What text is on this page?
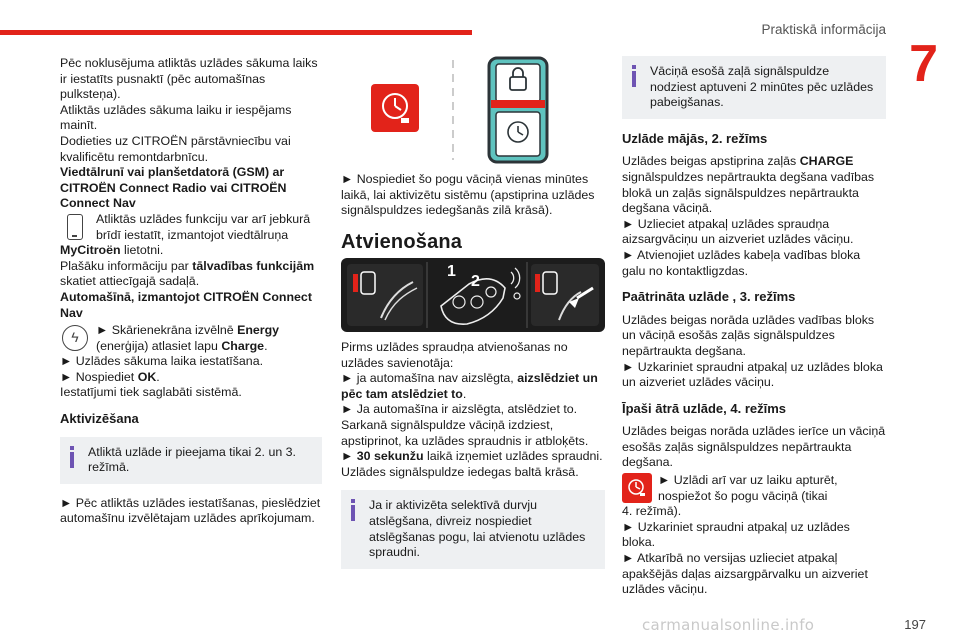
Praktiskā informācija
7

Pēc noklusējuma atliktās uzlādes sākuma laiks ir iestatīts pusnaktī (pēc automašīnas pulksteņa).

Atliktās uzlādes sākuma laiku ir iespējams mainīt.

Dodieties uz CITROËN pārstāvniecību vai kvalificētu remontdarbnīcu.

Viedtālrunī vai planšetdatorā (GSM) ar CITROËN Connect Radio vai CITROËN Connect Nav

Atliktās uzlādes funkciju var arī jebkurā brīdī iestatīt, izmantojot viedtālruņa

MyCitroën lietotni.

Plašāku informāciju par tālvadības funkcijām skatiet attiecīgajā sadaļā.

Automašīnā, izmantojot CITROËN Connect Nav

ϟ	► Skārienekrāna izvēlnē Energy (enerģija) atlasiet lapu Charge.

► Uzlādes sākuma laika iestatīšana.

► Nospiediet OK.

Iestatījumi tiek saglabāti sistēmā.

Aktivizēšana

Atliktā uzlāde ir pieejama tikai 2. un 3. režīmā.

► Pēc atliktās uzlādes iestatīšanas, pieslēdziet automašīnu izvēlētajam uzlādes aprīkojumam.

► Nospiediet šo pogu vāciņā vienas minūtes laikā, lai aktivizētu sistēmu (apstiprina uzlādes signālspuldzes iedegšanās zilā krāsā).

Atvienošana
1
2

Pirms uzlādes spraudņa atvienošanas no uzlādes savienotāja:

► ja automašīna nav aizslēgta, aizslēdziet un pēc tam atslēdziet to.

► Ja automašīna ir aizslēgta, atslēdziet to.

Sarkanā signālspuldze vāciņā izdziest, apstiprinot, ka uzlādes spraudnis ir atbloķēts.

► 30 sekunžu laikā izņemiet uzlādes spraudni.

Uzlādes signālspuldze iedegas baltā krāsā.

Ja ir aktivizēta selektīvā durvju atslēgšana, divreiz nospiediet atslēgšanas pogu, lai atvienotu uzlādes spraudni.

Vāciņā esošā zaļā signālspuldze nodziest aptuveni 2 minūtes pēc uzlādes pabeigšanas.

Uzlāde mājās, 2. režīms

Uzlādes beigas apstiprina zaļās CHARGE signālspuldzes nepārtraukta degšana vadības blokā un zaļās signālspuldzes nepārtraukta degšana vāciņā.

► Uzlieciet atpakaļ uzlādes spraudņa aizsargvāciņu un aizveriet uzlādes vāciņu.

► Atvienojiet uzlādes kabeļa vadības bloka galu no kontaktligzdas.

Paātrināta uzlāde , 3. režīms

Uzlādes beigas norāda uzlādes vadības bloks un vāciņā esošās zaļās signālspuldzes nepārtraukta degšana.

► Uzkariniet spraudni atpakaļ uz uzlādes bloka un aizveriet uzlādes vāciņu.

Īpaši ātrā uzlāde, 4. režīms

Uzlādes beigas norāda uzlādes ierīce un vāciņā esošās zaļās signālspuldzes nepārtraukta degšana.

► Uzlādi arī var uz laiku apturēt, nospiežot šo pogu vāciņā (tikai

4. režīmā).

► Uzkariniet spraudni atpakaļ uz uzlādes bloka.

► Atkarībā no versijas uzlieciet atpakaļ apakšējās daļas aizsargpārvalku un aizveriet uzlādes vāciņu.

197
carmanualsonline.info
